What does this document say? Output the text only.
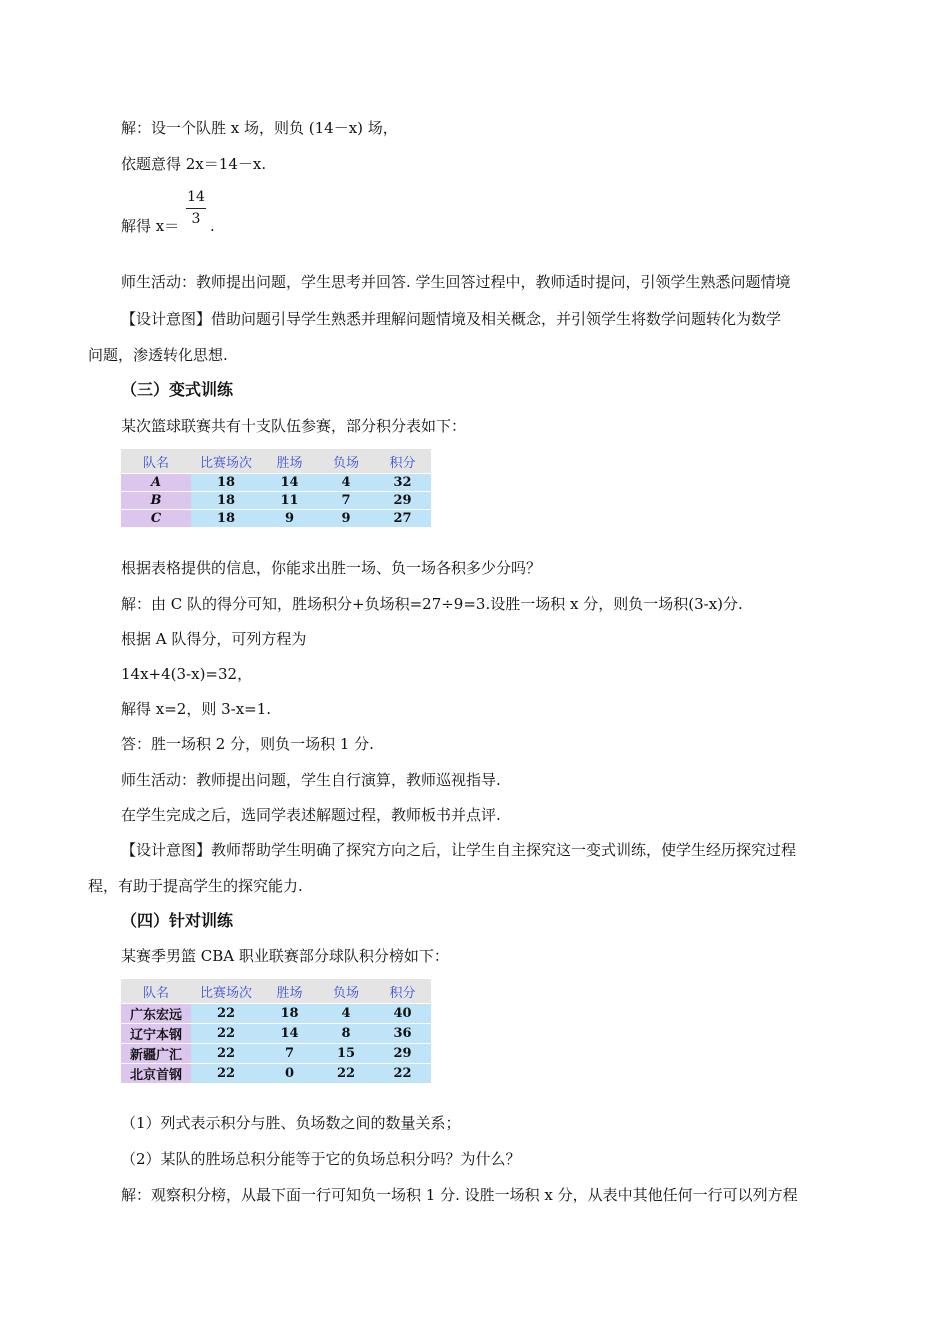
解：设一个队胜 x 场，则负 (14－x) 场，
依题意得 2x＝14－x.
解得 x＝
14
3 .
师生活动：教师提出问题，学生思考并回答. 学生回答过程中，教师适时提问，引领学生熟悉问题情境
【设计意图】借助问题引导学生熟悉并理解问题情境及相关概念，并引领学生将数学问题转化为数学
问题，渗透转化思想.
（三）变式训练
某次篮球联赛共有十支队伍参赛，部分积分表如下：
队名	比赛场次	胜场	负场	积分
A	18	14	4	32
B	18	11	7	29
C	18	9	9	27
根据表格提供的信息，你能求出胜一场、负一场各积多少分吗？
解：由 C 队的得分可知，胜场积分+负场积=27÷9=3.设胜一场积 x 分，则负一场积(3-x)分.
根据 A 队得分，可列方程为
14x+4(3-x)=32，
解得 x=2，则 3-x=1.
答：胜一场积 2 分，则负一场积 1 分.
师生活动：教师提出问题，学生自行演算，教师巡视指导.
在学生完成之后，选同学表述解题过程，教师板书并点评.
【设计意图】教师帮助学生明确了探究方向之后，让学生自主探究这一变式训练，使学生经历探究过程
程，有助于提高学生的探究能力.
（四）针对训练
某赛季男篮 CBA 职业联赛部分球队积分榜如下：
队名	比赛场次	胜场	负场	积分
广东宏远	22	18	4	40
辽宁本钢	22	14	8	36
新疆广汇	22	7	15	29
北京首钢	22	0	22	22
（1）列式表示积分与胜、负场数之间的数量关系；
（2）某队的胜场总积分能等于它的负场总积分吗？为什么？
解：观察积分榜，从最下面一行可知负一场积 1 分. 设胜一场积 x 分，从表中其他任何一行可以列方程
